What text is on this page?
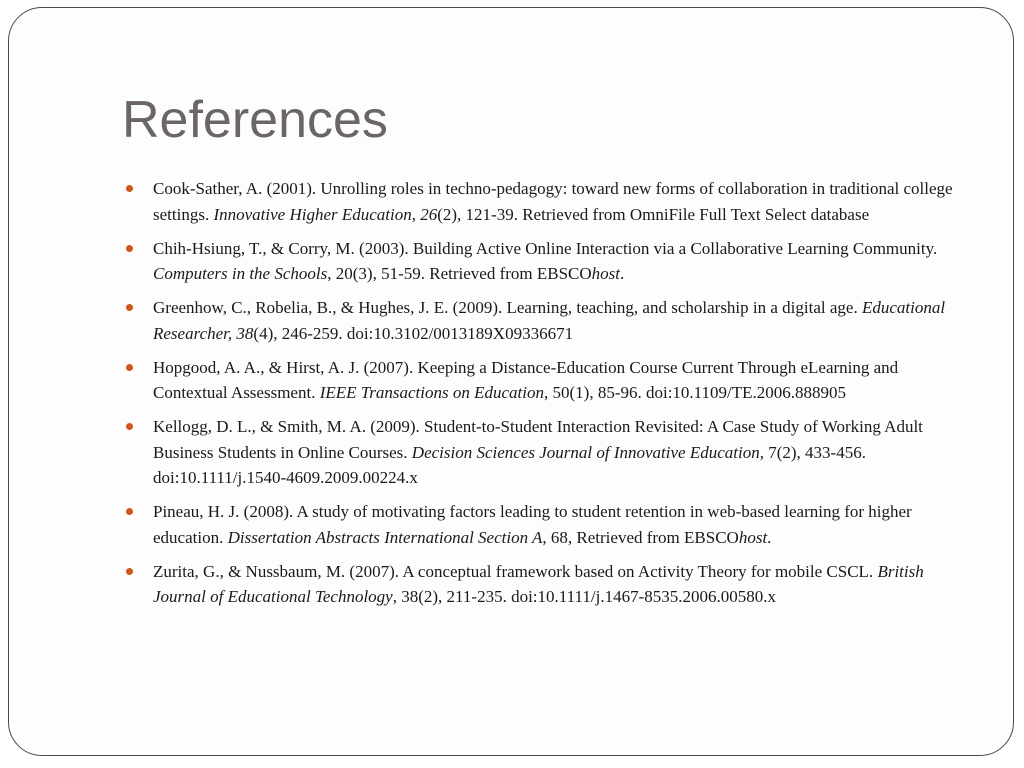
References
Cook-Sather, A. (2001). Unrolling roles in techno-pedagogy: toward new forms of collaboration in traditional college settings. Innovative Higher Education, 26(2), 121-39. Retrieved from OmniFile Full Text Select database
Chih-Hsiung, T., & Corry, M. (2003). Building Active Online Interaction via a Collaborative Learning Community. Computers in the Schools, 20(3), 51-59. Retrieved from EBSCOhost.
Greenhow, C., Robelia, B., & Hughes, J. E. (2009). Learning, teaching, and scholarship in a digital age. Educational Researcher, 38(4), 246-259. doi:10.3102/0013189X09336671
Hopgood, A. A., & Hirst, A. J. (2007). Keeping a Distance-Education Course Current Through eLearning and Contextual Assessment. IEEE Transactions on Education, 50(1), 85-96. doi:10.1109/TE.2006.888905
Kellogg, D. L., & Smith, M. A. (2009). Student-to-Student Interaction Revisited: A Case Study of Working Adult Business Students in Online Courses. Decision Sciences Journal of Innovative Education, 7(2), 433-456. doi:10.1111/j.1540-4609.2009.00224.x
Pineau, H. J. (2008). A study of motivating factors leading to student retention in web-based learning for higher education. Dissertation Abstracts International Section A, 68, Retrieved from EBSCOhost.
Zurita, G., & Nussbaum, M. (2007). A conceptual framework based on Activity Theory for mobile CSCL. British Journal of Educational Technology, 38(2), 211-235. doi:10.1111/j.1467-8535.2006.00580.x
